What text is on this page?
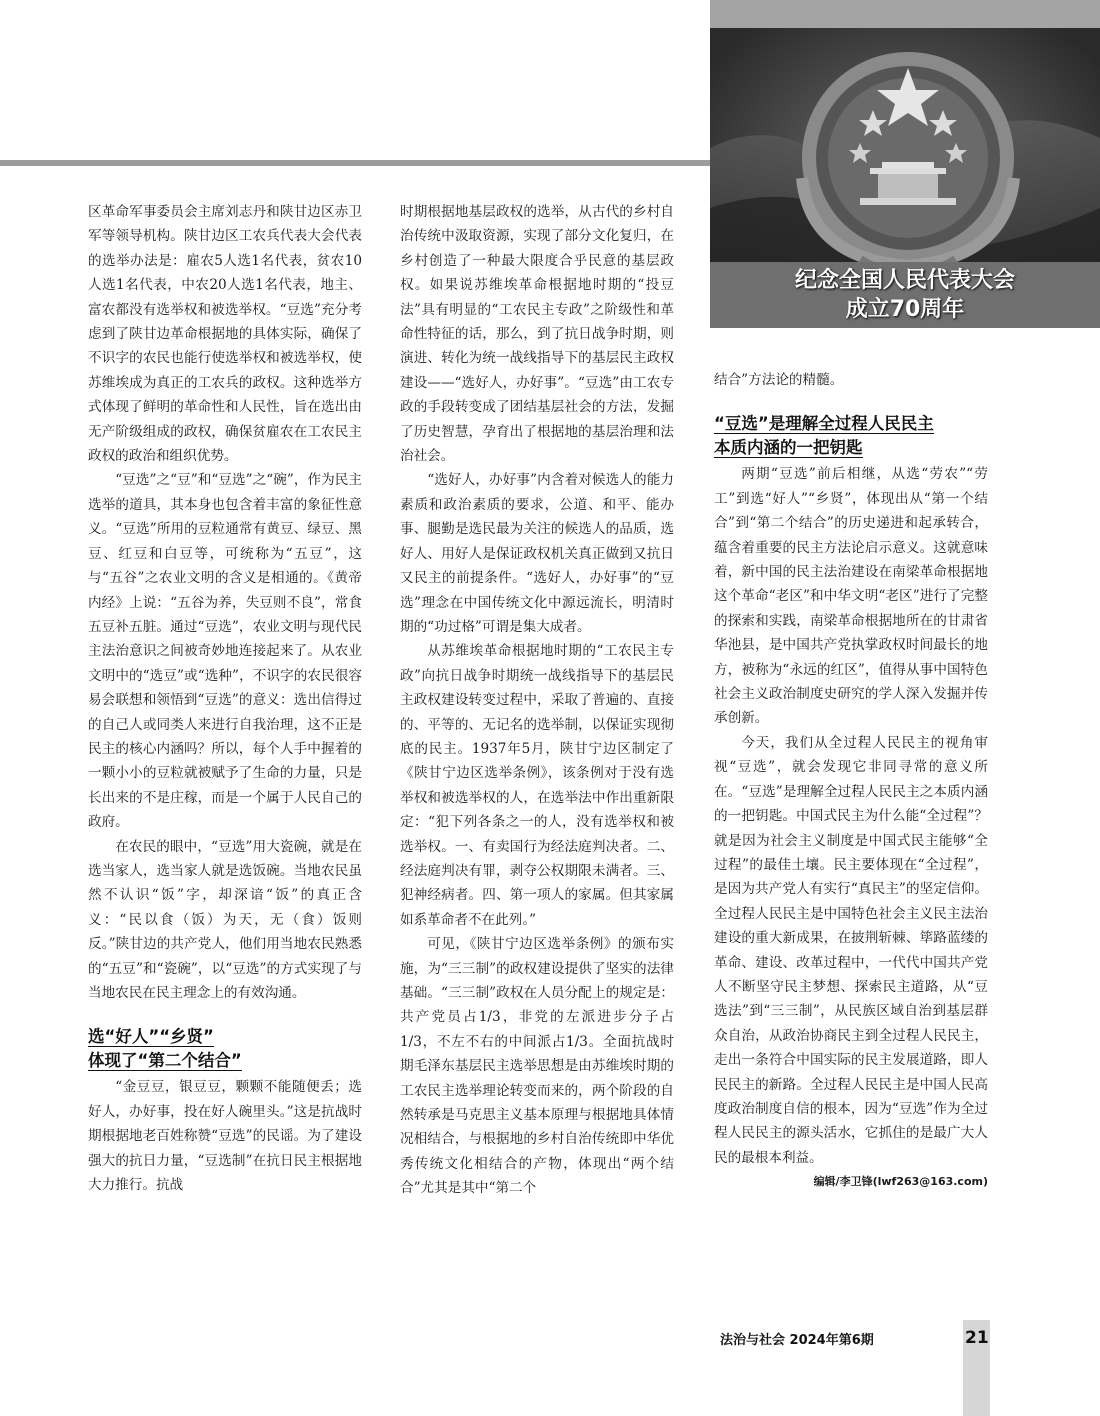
纪念全国人民代表大会
成立70周年

区革命军事委员会主席刘志丹和陕甘边区赤卫军等领导机构。陕甘边区工农兵代表大会代表的选举办法是：雇农5人选1名代表，贫农10人选1名代表，中农20人选1名代表，地主、富农都没有选举权和被选举权。“豆选”充分考虑到了陕甘边革命根据地的具体实际，确保了不识字的农民也能行使选举权和被选举权，使苏维埃成为真正的工农兵的政权。这种选举方式体现了鲜明的革命性和人民性，旨在选出由无产阶级组成的政权，确保贫雇农在工农民主政权的政治和组织优势。

“豆选”之“豆”和“豆选”之“碗”，作为民主选举的道具，其本身也包含着丰富的象征性意义。“豆选”所用的豆粒通常有黄豆、绿豆、黑豆、红豆和白豆等，可统称为“五豆”，这与“五谷”之农业文明的含义是相通的。《黄帝内经》上说：“五谷为养，失豆则不良”，常食五豆补五脏。通过“豆选”，农业文明与现代民主法治意识之间被奇妙地连接起来了。从农业文明中的“选豆”或“选种”，不识字的农民很容易会联想和领悟到“豆选”的意义：选出信得过的自己人或同类人来进行自我治理，这不正是民主的核心内涵吗？所以，每个人手中握着的一颗小小的豆粒就被赋予了生命的力量，只是长出来的不是庄稼，而是一个属于人民自己的政府。

在农民的眼中，“豆选”用大瓷碗，就是在选当家人，选当家人就是选饭碗。当地农民虽然不认识“饭”字，却深谙“饭”的真正含义：“民以食（饭）为天，无（食）饭则反。”陕甘边的共产党人，他们用当地农民熟悉的“五豆”和“瓷碗”，以“豆选”的方式实现了与当地农民在民主理念上的有效沟通。

选“好人”“乡贤”
体现了“第二个结合”

“金豆豆，银豆豆，颗颗不能随便丢；选好人，办好事，投在好人碗里头。”这是抗战时期根据地老百姓称赞“豆选”的民谣。为了建设强大的抗日力量，“豆选制”在抗日民主根据地大力推行。抗战

时期根据地基层政权的选举，从古代的乡村自治传统中汲取资源，实现了部分文化复归，在乡村创造了一种最大限度合乎民意的基层政权。如果说苏维埃革命根据地时期的“投豆法”具有明显的“工农民主专政”之阶级性和革命性特征的话，那么，到了抗日战争时期，则演进、转化为统一战线指导下的基层民主政权建设——“选好人，办好事”。“豆选”由工农专政的手段转变成了团结基层社会的方法，发掘了历史智慧，孕育出了根据地的基层治理和法治社会。

“选好人，办好事”内含着对候选人的能力素质和政治素质的要求，公道、和平、能办事、腿勤是选民最为关注的候选人的品质，选好人、用好人是保证政权机关真正做到又抗日又民主的前提条件。“选好人，办好事”的“豆选”理念在中国传统文化中源远流长，明清时期的“功过格”可谓是集大成者。

从苏维埃革命根据地时期的“工农民主专政”向抗日战争时期统一战线指导下的基层民主政权建设转变过程中，采取了普遍的、直接的、平等的、无记名的选举制，以保证实现彻底的民主。1937年5月，陕甘宁边区制定了《陕甘宁边区选举条例》，该条例对于没有选举权和被选举权的人，在选举法中作出重新限定：“犯下列各条之一的人，没有选举权和被选举权。一、有卖国行为经法庭判决者。二、经法庭判决有罪，剥夺公权期限未满者。三、犯神经病者。四、第一项人的家属。但其家属如系革命者不在此列。”

可见，《陕甘宁边区选举条例》的颁布实施，为“三三制”的政权建设提供了坚实的法律基础。“三三制”政权在人员分配上的规定是：共产党员占1/3，非党的左派进步分子占1/3，不左不右的中间派占1/3。全面抗战时期毛泽东基层民主选举思想是由苏维埃时期的工农民主选举理论转变而来的，两个阶段的自然转承是马克思主义基本原理与根据地具体情况相结合，与根据地的乡村自治传统即中华优秀传统文化相结合的产物，体现出“两个结合”尤其是其中“第二个

结合”方法论的精髓。

“豆选”是理解全过程人民民主
本质内涵的一把钥匙

两期“豆选”前后相继，从选“劳农”“劳工”到选“好人”“乡贤”，体现出从“第一个结合”到“第二个结合”的历史递进和起承转合，蕴含着重要的民主方法论启示意义。这就意味着，新中国的民主法治建设在南梁革命根据地这个革命“老区”和中华文明“老区”进行了完整的探索和实践，南梁革命根据地所在的甘肃省华池县，是中国共产党执掌政权时间最长的地方，被称为“永远的红区”，值得从事中国特色社会主义政治制度史研究的学人深入发掘并传承创新。

今天，我们从全过程人民民主的视角审视“豆选”，就会发现它非同寻常的意义所在。“豆选”是理解全过程人民民主之本质内涵的一把钥匙。中国式民主为什么能“全过程”？就是因为社会主义制度是中国式民主能够“全过程”的最佳土壤。民主要体现在“全过程”，是因为共产党人有实行“真民主”的坚定信仰。全过程人民民主是中国特色社会主义民主法治建设的重大新成果，在披荆斩棘、筚路蓝缕的革命、建设、改革过程中，一代代中国共产党人不断坚守民主梦想、探索民主道路，从“豆选法”到“三三制”，从民族区域自治到基层群众自治，从政治协商民主到全过程人民民主，走出一条符合中国实际的民主发展道路，即人民民主的新路。全过程人民民主是中国人民高度政治制度自信的根本，因为“豆选”作为全过程人民民主的源头活水，它抓住的是最广大人民的最根本利益。

编辑/李卫锋(lwf263@163.com)
法治与社会 2024年第6期	21
